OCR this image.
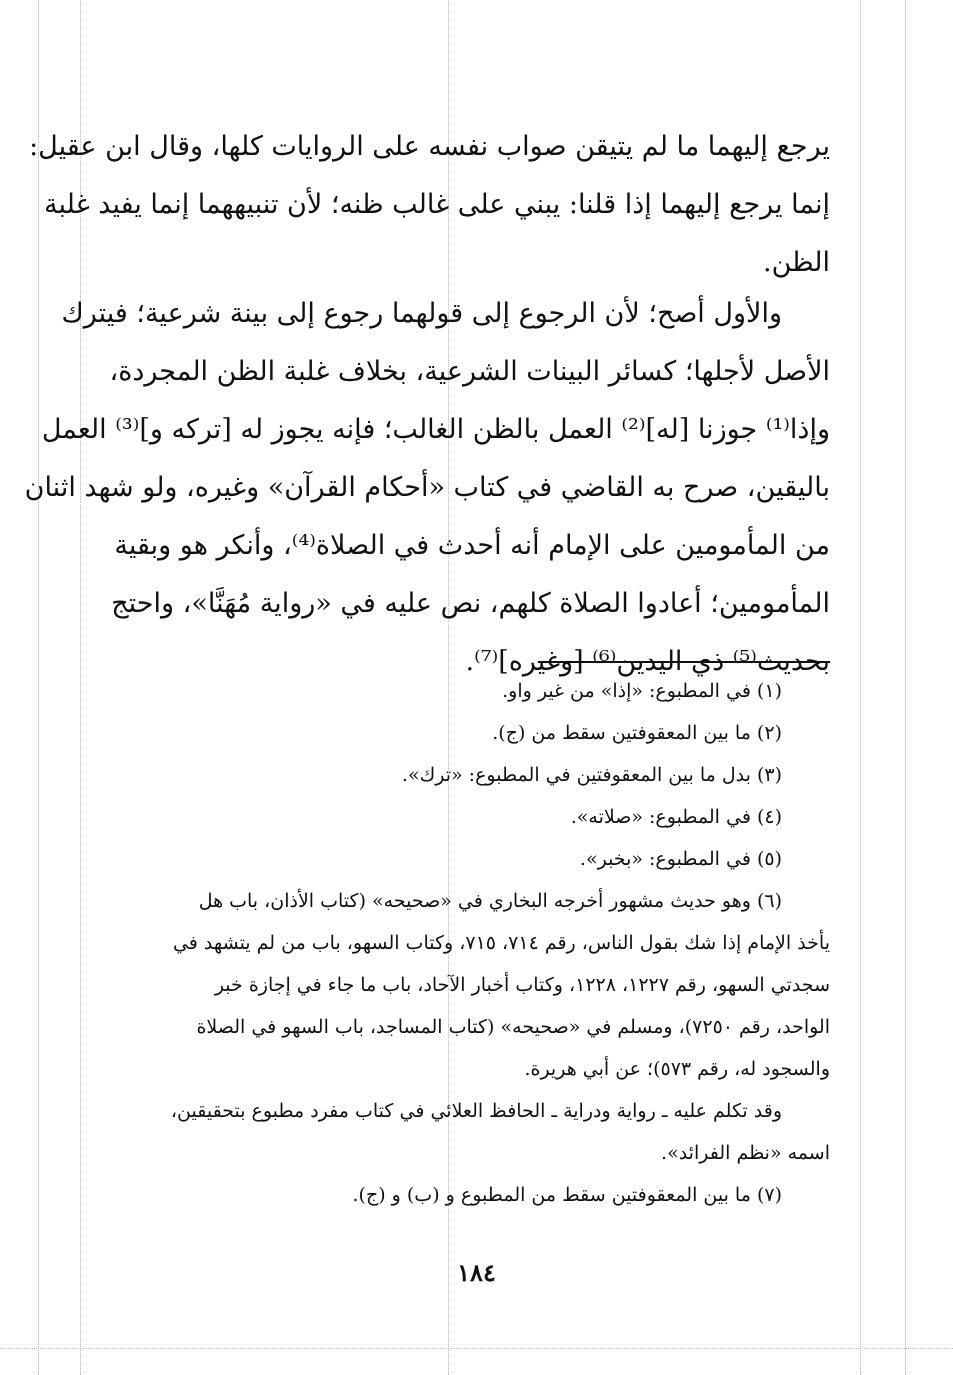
يرجع إليهما ما لم يتيقن صواب نفسه على الروايات كلها، وقال ابن عقيل:
إنما يرجع إليهما إذا قلنا: يبني على غالب ظنه؛ لأن تنبيههما إنما يفيد غلبة
الظن.
والأول أصح؛ لأن الرجوع إلى قولهما رجوع إلى بينة شرعية؛ فيترك
الأصل لأجلها؛ كسائر البينات الشرعية، بخلاف غلبة الظن المجردة،
وإذا⁽¹⁾ جوزنا [له]⁽²⁾ العمل بالظن الغالب؛ فإنه يجوز له [تركه و]⁽³⁾ العمل
باليقين، صرح به القاضي في كتاب «أحكام القرآن» وغيره، ولو شهد اثنان
من المأمومين على الإمام أنه أحدث في الصلاة⁽⁴⁾، وأنكر هو وبقية
المأمومين؛ أعادوا الصلاة كلهم، نص عليه في «رواية مُهَنَّا»، واحتج
بحديث⁽⁵⁾ ذي اليدين⁽⁶⁾ [وغيره]⁽⁷⁾.
(١) في المطبوع: «إذا» من غير واو.
(٢) ما بين المعقوفتين سقط من (ج).
(٣) بدل ما بين المعقوفتين في المطبوع: «ترك».
(٤) في المطبوع: «صلاته».
(٥) في المطبوع: «بخبر».
(٦) وهو حديث مشهور أخرجه البخاري في «صحيحه» (كتاب الأذان، باب هل
يأخذ الإمام إذا شك بقول الناس، رقم ٧١٤، ٧١٥، وكتاب السهو، باب من لم يتشهد في
سجدتي السهو، رقم ١٢٢٧، ١٢٢٨، وكتاب أخبار الآحاد، باب ما جاء في إجازة خبر
الواحد، رقم ٧٢٥٠)، ومسلم في «صحيحه» (كتاب المساجد، باب السهو في الصلاة
والسجود له، رقم ٥٧٣)؛ عن أبي هريرة.
وقد تكلم عليه ـ رواية ودراية ـ الحافظ العلائي في كتاب مفرد مطبوع بتحقيقين،
اسمه «نظم الفرائد».
(٧) ما بين المعقوفتين سقط من المطبوع و (ب) و (ج).
١٨٤
